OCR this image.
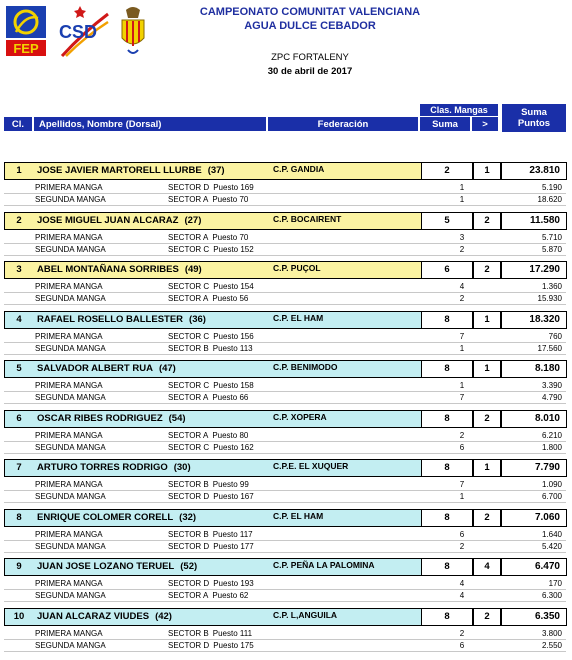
FEP
CSD
CAMPEONATO COMUNITAT VALENCIANA
AGUA DULCE CEBADOR
ZPC FORTALENY
30 de abril de 2017
Clas. Mangas	Suma
Puntos
Cl.	Apellidos, Nombre (Dorsal)	Federación	Suma	>
1	JOSE JAVIER MARTORELL LLURBE (37)	C.P. GANDIA	2	1	23.810
PRIMERA MANGA	SECTOR D Puesto 169	1	5.190
SEGUNDA MANGA	SECTOR A Puesto 70	1	18.620
2	JOSE MIGUEL JUAN ALCARAZ (27)	C.P. BOCAIRENT	5	2	11.580
PRIMERA MANGA	SECTOR A Puesto 70	3	5.710
SEGUNDA MANGA	SECTOR C Puesto 152	2	5.870
3	ABEL MONTAÑANA SORRIBES (49)	C.P. PUÇOL	6	2	17.290
PRIMERA MANGA	SECTOR C Puesto 154	4	1.360
SEGUNDA MANGA	SECTOR A Puesto 56	2	15.930
4	RAFAEL ROSELLO BALLESTER (36)	C.P. EL HAM	8	1	18.320
PRIMERA MANGA	SECTOR C Puesto 156	7	760
SEGUNDA MANGA	SECTOR B Puesto 113	1	17.560
5	SALVADOR ALBERT RUA (47)	C.P. BENIMODO	8	1	8.180
PRIMERA MANGA	SECTOR C Puesto 158	1	3.390
SEGUNDA MANGA	SECTOR A Puesto 66	7	4.790
6	OSCAR RIBES RODRIGUEZ (54)	C.P. XOPERA	8	2	8.010
PRIMERA MANGA	SECTOR A Puesto 80	2	6.210
SEGUNDA MANGA	SECTOR C Puesto 162	6	1.800
7	ARTURO TORRES RODRIGO (30)	C.P.E. EL XUQUER	8	1	7.790
PRIMERA MANGA	SECTOR B Puesto 99	7	1.090
SEGUNDA MANGA	SECTOR D Puesto 167	1	6.700
8	ENRIQUE COLOMER CORELL (32)	C.P. EL HAM	8	2	7.060
PRIMERA MANGA	SECTOR B Puesto 117	6	1.640
SEGUNDA MANGA	SECTOR D Puesto 177	2	5.420
9	JUAN JOSE LOZANO TERUEL (52)	C.P. PEÑA LA PALOMINA	8	4	6.470
PRIMERA MANGA	SECTOR D Puesto 193	4	170
SEGUNDA MANGA	SECTOR A Puesto 62	4	6.300
10	JUAN ALCARAZ VIUDES (42)	C.P. L,ANGUILA	8	2	6.350
PRIMERA MANGA	SECTOR B Puesto 111	2	3.800
SEGUNDA MANGA	SECTOR D Puesto 175	6	2.550
